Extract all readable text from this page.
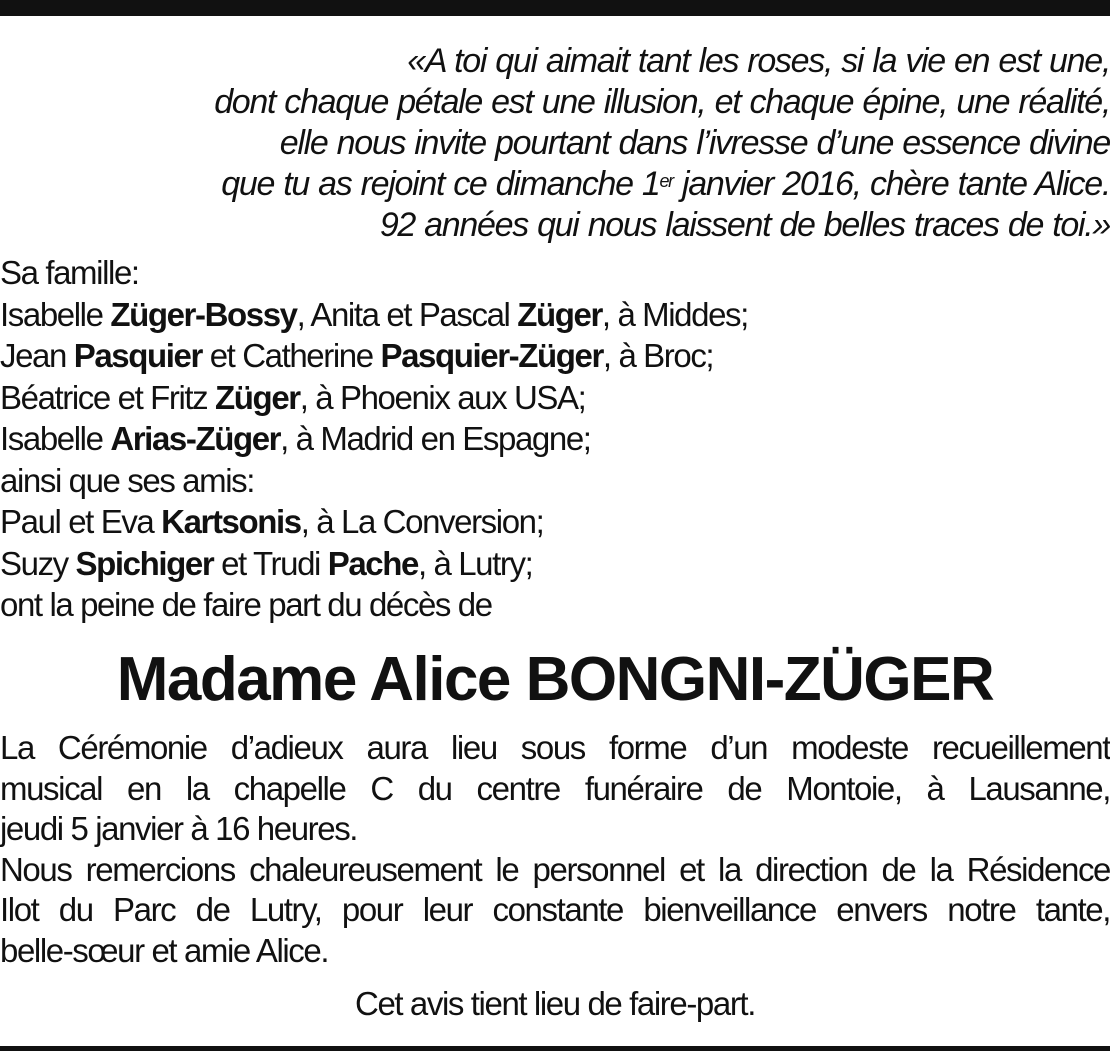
«A toi qui aimait tant les roses, si la vie en est une,
dont chaque pétale est une illusion, et chaque épine, une réalité,
elle nous invite pourtant dans l’ivresse d’une essence divine
que tu as rejoint ce dimanche 1er janvier 2016, chère tante Alice.
92 années qui nous laissent de belles traces de toi.»
Sa famille:
Isabelle Züger-Bossy, Anita et Pascal Züger, à Middes;
Jean Pasquier et Catherine Pasquier-Züger, à Broc;
Béatrice et Fritz Züger, à Phoenix aux USA;
Isabelle Arias-Züger, à Madrid en Espagne;
ainsi que ses amis:
Paul et Eva Kartsonis, à La Conversion;
Suzy Spichiger et Trudi Pache, à Lutry;
ont la peine de faire part du décès de
Madame Alice BONGNI-ZÜGER
La Cérémonie d’adieux aura lieu sous forme d’un modeste recueillement
musical en la chapelle C du centre funéraire de Montoie, à Lausanne,
jeudi 5 janvier à 16 heures.
Nous remercions chaleureusement le personnel et la direction de la Résidence
Ilot du Parc de Lutry, pour leur constante bienveillance envers notre tante,
belle-sœur et amie Alice.
Cet avis tient lieu de faire-part.
